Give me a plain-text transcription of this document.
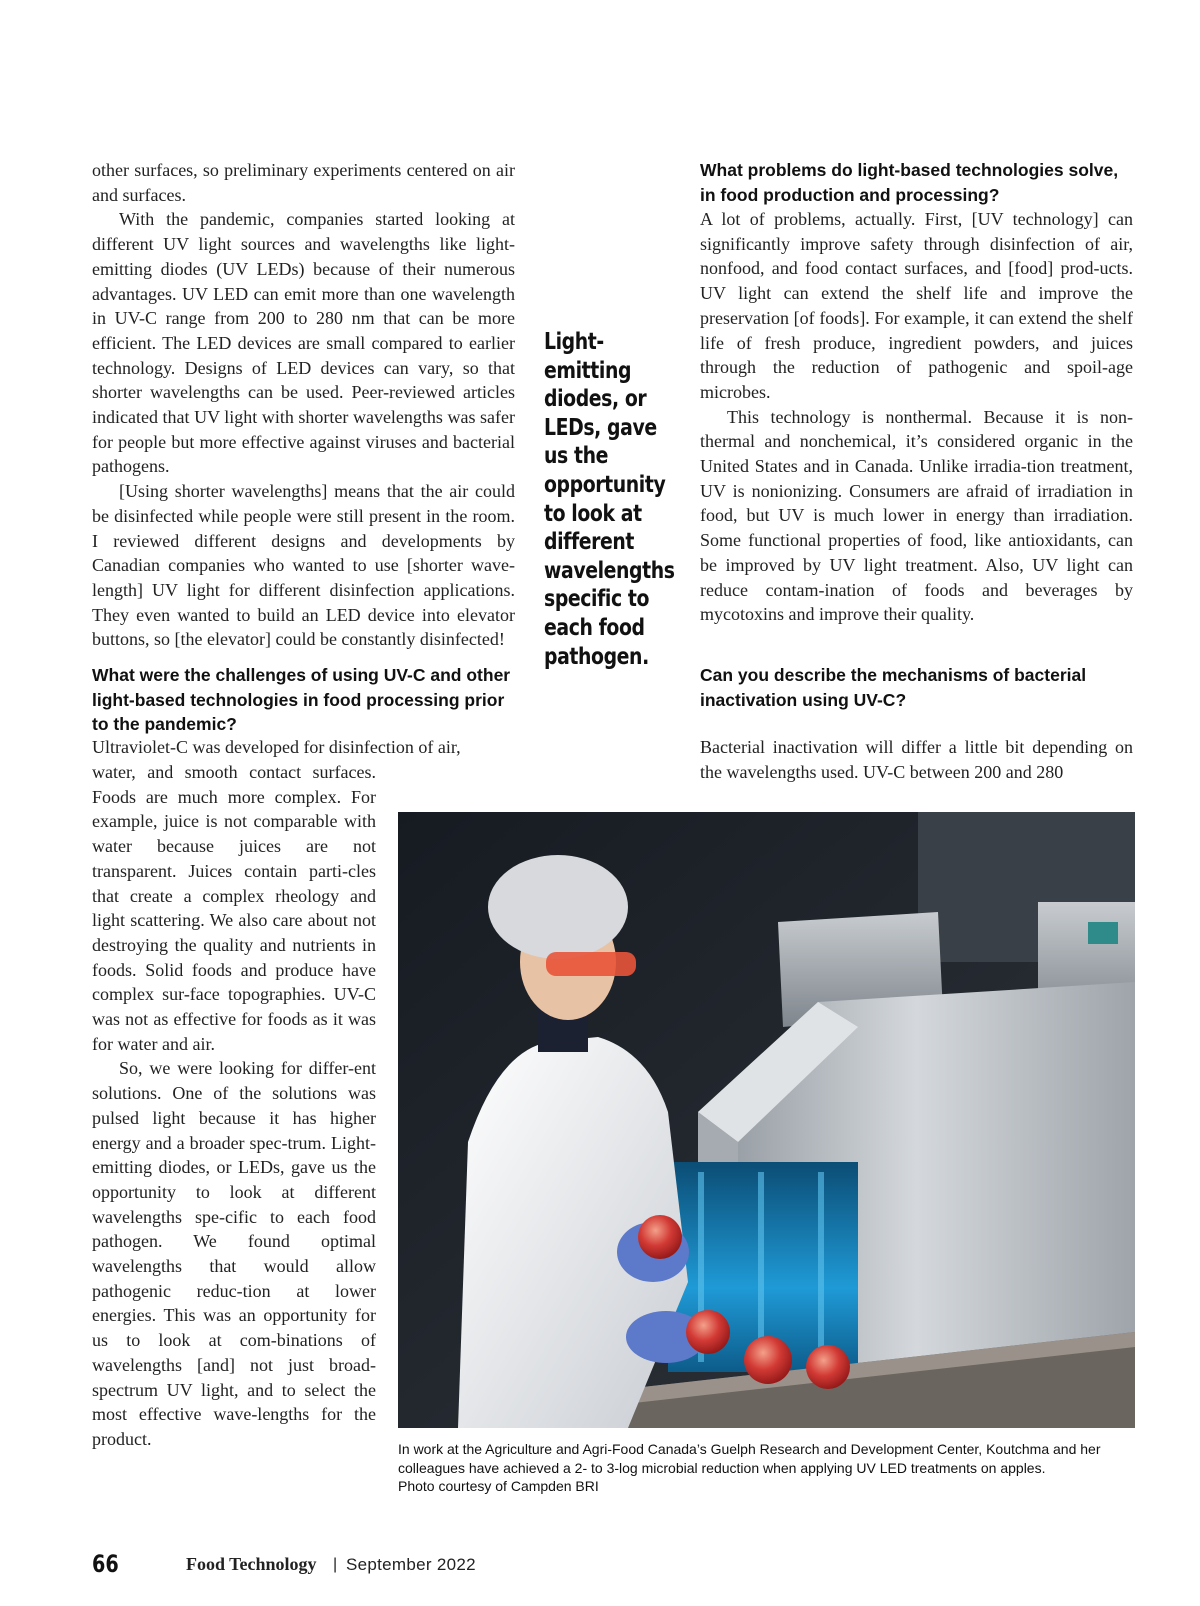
other surfaces, so preliminary experiments centered on air and surfaces.

With the pandemic, companies started looking at different UV light sources and wavelengths like light-emitting diodes (UV LEDs) because of their numerous advantages. UV LED can emit more than one wavelength in UV-C range from 200 to 280 nm that can be more efficient. The LED devices are small compared to earlier technology. Designs of LED devices can vary, so that shorter wavelengths can be used. Peer-reviewed articles indicated that UV light with shorter wavelengths was safer for people but more effective against viruses and bacterial pathogens.

[Using shorter wavelengths] means that the air could be disinfected while people were still present in the room. I reviewed different designs and developments by Canadian companies who wanted to use [shorter wave-length] UV light for different disinfection applications. They even wanted to build an LED device into elevator buttons, so [the elevator] could be constantly disinfected!

What were the challenges of using UV-C and other light-based technologies in food processing prior to the pandemic?

Ultraviolet-C was developed for disinfection of air,

water, and smooth contact surfaces. Foods are much more complex. For example, juice is not comparable with water because juices are not transparent. Juices contain parti-cles that create a complex rheology and light scattering. We also care about not destroying the quality and nutrients in foods. Solid foods and produce have complex sur-face topographies. UV-C was not as effective for foods as it was for water and air.

So, we were looking for differ-ent solutions. One of the solutions was pulsed light because it has higher energy and a broader spec-trum. Light-emitting diodes, or LEDs, gave us the opportunity to look at different wavelengths spe-cific to each food pathogen. We found optimal wavelengths that would allow pathogenic reduc-tion at lower energies. This was an opportunity for us to look at com-binations of wavelengths [and] not just broad-spectrum UV light, and to select the most effective wave-lengths for the product.

Light-emitting diodes, or LEDs, gave us the opportunity to look at different wavelengths specific to each food pathogen.

What problems do light-based technologies solve, in food production and processing?

A lot of problems, actually. First, [UV technology] can significantly improve safety through disinfection of air, nonfood, and food contact surfaces, and [food] prod-ucts. UV light can extend the shelf life and improve the preservation [of foods]. For example, it can extend the shelf life of fresh produce, ingredient powders, and juices through the reduction of pathogenic and spoil-age microbes.

This technology is nonthermal. Because it is non-thermal and nonchemical, it’s considered organic in the United States and in Canada. Unlike irradia-tion treatment, UV is nonionizing. Consumers are afraid of irradiation in food, but UV is much lower in energy than irradiation. Some functional properties of food, like antioxidants, can be improved by UV light treatment. Also, UV light can reduce contam-ination of foods and beverages by mycotoxins and improve their quality.

Can you describe the mechanisms of bacterial inactivation using UV-C?

Bacterial inactivation will differ a little bit depending on the wavelengths used. UV-C between 200 and 280

In work at the Agriculture and Agri-Food Canada’s Guelph Research and Development Center, Koutchma and her colleagues have achieved a 2- to 3-log microbial reduction when applying UV LED treatments on apples.

Photo courtesy of Campden BRI

66	Food Technology | September 2022
